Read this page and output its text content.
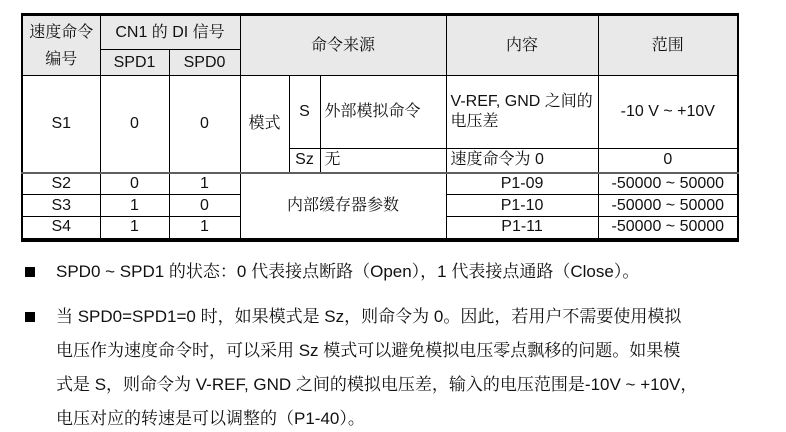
速度命令
编号	CN1 的 DI 信号		命令来源			内容	范围
	SPD1	SPD0					
S1	0	0	模式	S	外部模拟命令	V-REF, GND 之间的电压差	-10 V ~ +10V
				Sz	无	速度命令为 0	0
S2	0	1	内部缓存器参数			P1-09	-50000 ~ 50000
S3	1	0				P1-10	-50000 ~ 50000
S4	1	1				P1-11	-50000 ~ 50000
SPD0 ~ SPD1 的状态：0 代表接点断路（Open），1 代表接点通路（Close）。
当 SPD0=SPD1=0 时，如果模式是 Sz，则命令为 0。因此，若用户不需要使用模拟
电压作为速度命令时，可以采用 Sz 模式可以避免模拟电压零点飘移的问题。如果模
式是 S，则命令为 V-REF, GND 之间的模拟电压差，输入的电压范围是-10V ~ +10V，
电压对应的转速是可以调整的（P1-40）。
